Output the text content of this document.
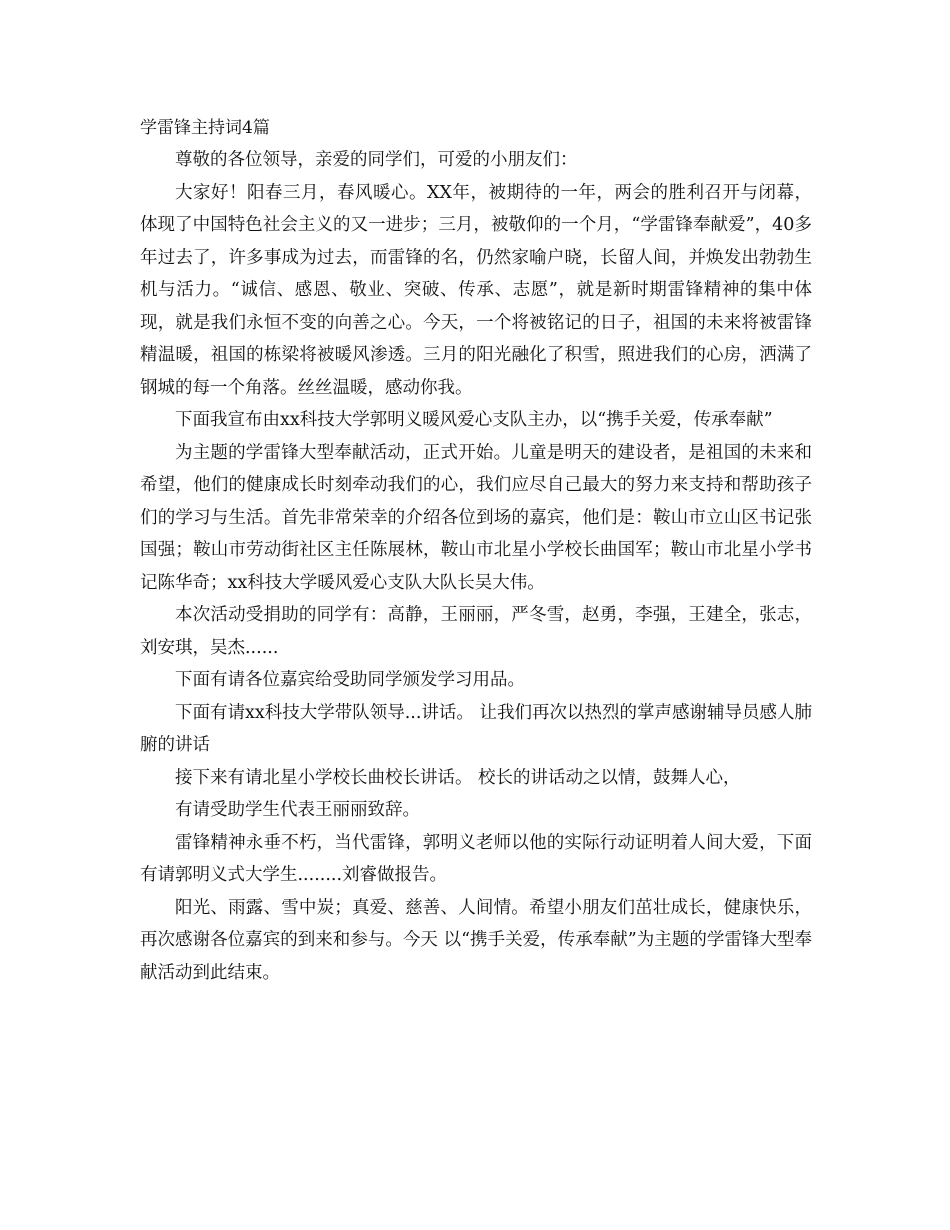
学雷锋主持词4篇

尊敬的各位领导，亲爱的同学们，可爱的小朋友们：

大家好！阳春三月，春风暖心。XX年，被期待的一年，两会的胜利召开与闭幕，体现了中国特色社会主义的又一进步；三月，被敬仰的一个月，“学雷锋奉献爱”，40多年过去了，许多事成为过去，而雷锋的名，仍然家喻户晓，长留人间，并焕发出勃勃生机与活力。“诚信、感恩、敬业、突破、传承、志愿”，就是新时期雷锋精神的集中体现，就是我们永恒不变的向善之心。今天，一个将被铭记的日子，祖国的未来将被雷锋精温暖，祖国的栋梁将被暖风渗透。三月的阳光融化了积雪，照进我们的心房，洒满了钢城的每一个角落。丝丝温暖，感动你我。

下面我宣布由xx科技大学郭明义暖风爱心支队主办，以“携手关爱，传承奉献”

为主题的学雷锋大型奉献活动，正式开始。儿童是明天的建设者，是祖国的未来和希望，他们的健康成长时刻牵动我们的心，我们应尽自己最大的努力来支持和帮助孩子们的学习与生活。首先非常荣幸的介绍各位到场的嘉宾，他们是：鞍山市立山区书记张国强；鞍山市劳动街社区主任陈展林，鞍山市北星小学校长曲国军；鞍山市北星小学书记陈华奇；xx科技大学暖风爱心支队大队长吴大伟。

本次活动受捐助的同学有：高静，王丽丽，严冬雪，赵勇，李强，王建全，张志，刘安琪，吴杰......

下面有请各位嘉宾给受助同学颁发学习用品。

下面有请xx科技大学带队领导...讲话。 让我们再次以热烈的掌声感谢辅导员感人肺腑的讲话

接下来有请北星小学校长曲校长讲话。 校长的讲话动之以情，鼓舞人心，

有请受助学生代表王丽丽致辞。

雷锋精神永垂不朽，当代雷锋，郭明义老师以他的实际行动证明着人间大爱，下面有请郭明义式大学生........刘睿做报告。

阳光、雨露、雪中炭；真爱、慈善、人间情。希望小朋友们茁壮成长，健康快乐，再次感谢各位嘉宾的到来和参与。今天 以“携手关爱，传承奉献”为主题的学雷锋大型奉献活动到此结束。
